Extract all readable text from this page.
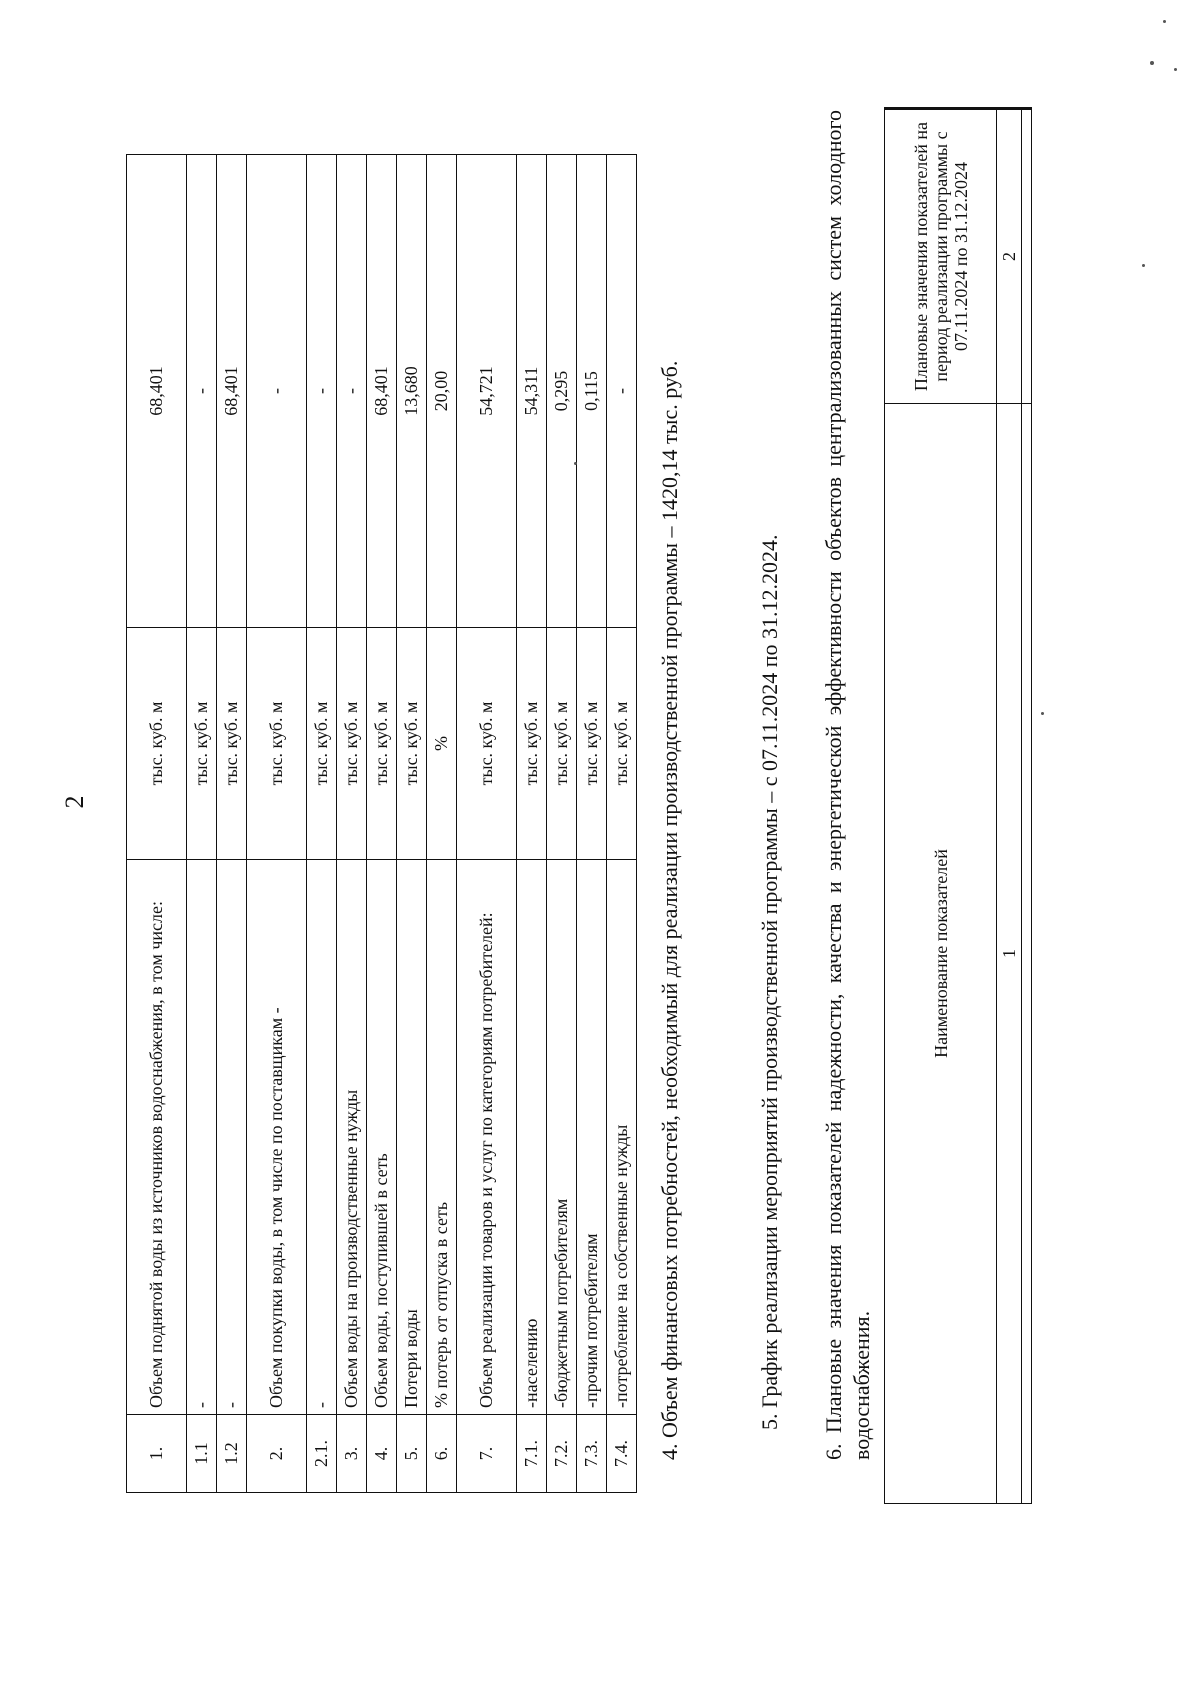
2
1.	Объем поднятой воды из источников водоснабжения, в том числе:	тыс. куб. м	68,401
1.1	-	тыс. куб. м	-
1.2	-	тыс. куб. м	68,401
2.	Объем покупки воды, в том числе по поставщикам -	тыс. куб. м	-
2.1.	-	тыс. куб. м	-
3.	Объем воды на производственные нужды	тыс. куб. м	-
4.	Объем воды, поступившей в сеть	тыс. куб. м	68,401
5.	Потери воды	тыс. куб. м	13,680
6.	% потерь от отпуска в сеть	%	20,00
7.	Объем реализации товаров и услуг по категориям потребителей:	тыс. куб. м	54,721
7.1.	-населению	тыс. куб. м	54,311
7.2.	-бюджетным потребителям	тыс. куб. м	0,295
7.3.	-прочим потребителям	тыс. куб. м	0,115
7.4.	-потребление на собственные нужды	тыс. куб. м	- 4. Объем финансовых потребностей, необходимый для реализации производственной программы – 1420,14 тыс. руб.	5. График реализации мероприятий производственной программы – с 07.11.2024 по 31.12.2024. 6. Плановые значения показателей надежности, качества и энергетической эффективности объектов централизованных систем холодного водоснабжения.
Наименование показателей	Плановые значения показателей на период реализации программы с 07.11.2024 по 31.12.2024
1	2
